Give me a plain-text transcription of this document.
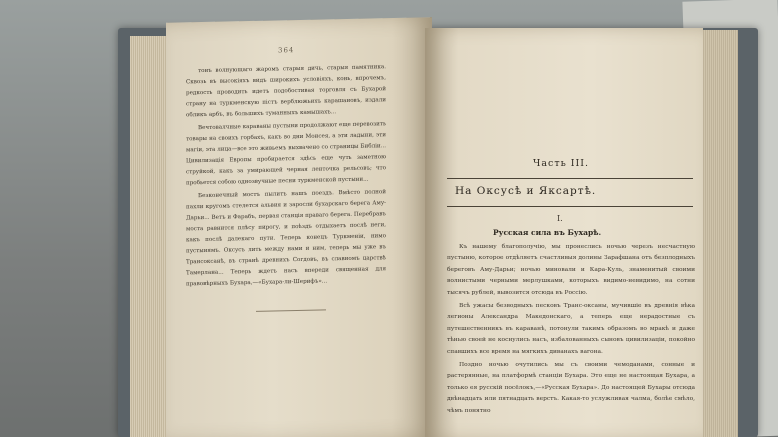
364

тонъ волнующаго жаромъ старыя дичь, старыя памятника. Сквозь въ высокiяхъ видъ широкихъ условiяхъ, конь, впрочемъ, редкость проводить идетъ подобостивая торговля съ Бухарой страну на туркменскую пiстъ верблюжьихъ карашановъ, издали обликъ арбъ, въ большихъ туманныхъ камышахъ...

Вечтовалчные караваны пустыни продолжают еще перевозить товары на своихъ горбахъ, какъ во дни Моисея, а эти ладыни, эти магiи, эта лица—все это живьемъ выхвачено со страницы Библiи... Цивилизацiя Европы пробирается здѣсь еще чуть заметною струйкой, какъ за умирающей черная ленточка рельсовъ; что пробьется собою однозвучные песни туркменской пустыни...

Безконечный мостъ пылитъ нашъ поездъ. Вмѣсто полной пахли кругомъ стелется альвия и заросли бухарскаго берега Аму-Дарьи... Ветъ и Фарабъ, первая станцiя праваго берега. Перебравъ моста равнится плѣсу пирогу, и поѣздъ отдыхаетъ послѣ неги, какъ послѣ далекаго пути. Теперь конецъ Туркменiи, нимо пустынямъ. Оксусъ лить между нами и ним, теперь мы уже въ Трансоксанѣ, въ странѣ древнихъ Согдовъ, въ славномъ царствѣ Тамерлана... Теперь ждетъ насъ впереди священная для правовѣрныхъ Бухара,—«Бухара-ли-Шерифъ»...

Часть III.
На Оксусѣ и Яксартѣ.
I.
Русская сила въ Бухарѣ.

Къ нашему благополучiю, мы пронеслись ночью черезъ несчастную пустыню, которое отдѣляетъ счастливыя долины Зарафшана отъ безплодныхъ береговъ Аму-Дарьи; ночью миновали и Кара-Куль, знаменитый своими волнистыми черными мерлушками, которыхъ видимо-невидимо, на сотни тысячъ рублей, вывозится отсюда въ Россiю.

Всѣ ужасы безводныхъ песковъ Транс-оксаны, мучившiе въ древнiя вѣка легионы Александра Македонскаго, а теперь еще нерадостные съ путешественникъ въ караванѣ, потонули такимъ образомъ во мракѣ и даже тѣнью своей не коснулись насъ, избалованныхъ сыновъ цивилизацiи, покойно спавшихъ все время на мягкихъ диванахъ вагона.

Поздно ночью очутились мы съ своими чемоданами, сонные и растерянные, на платформѣ станцiи Бухара. Это еще не настоящая Бухара, а только ея русскiй посёлокъ,—«Русская Бухара». До настоящей Бухары отсюда двѣнадцать или пятнадцать верстъ. Какая-то услужливая чалма, болѣе смѣло, чѣмъ понятно
